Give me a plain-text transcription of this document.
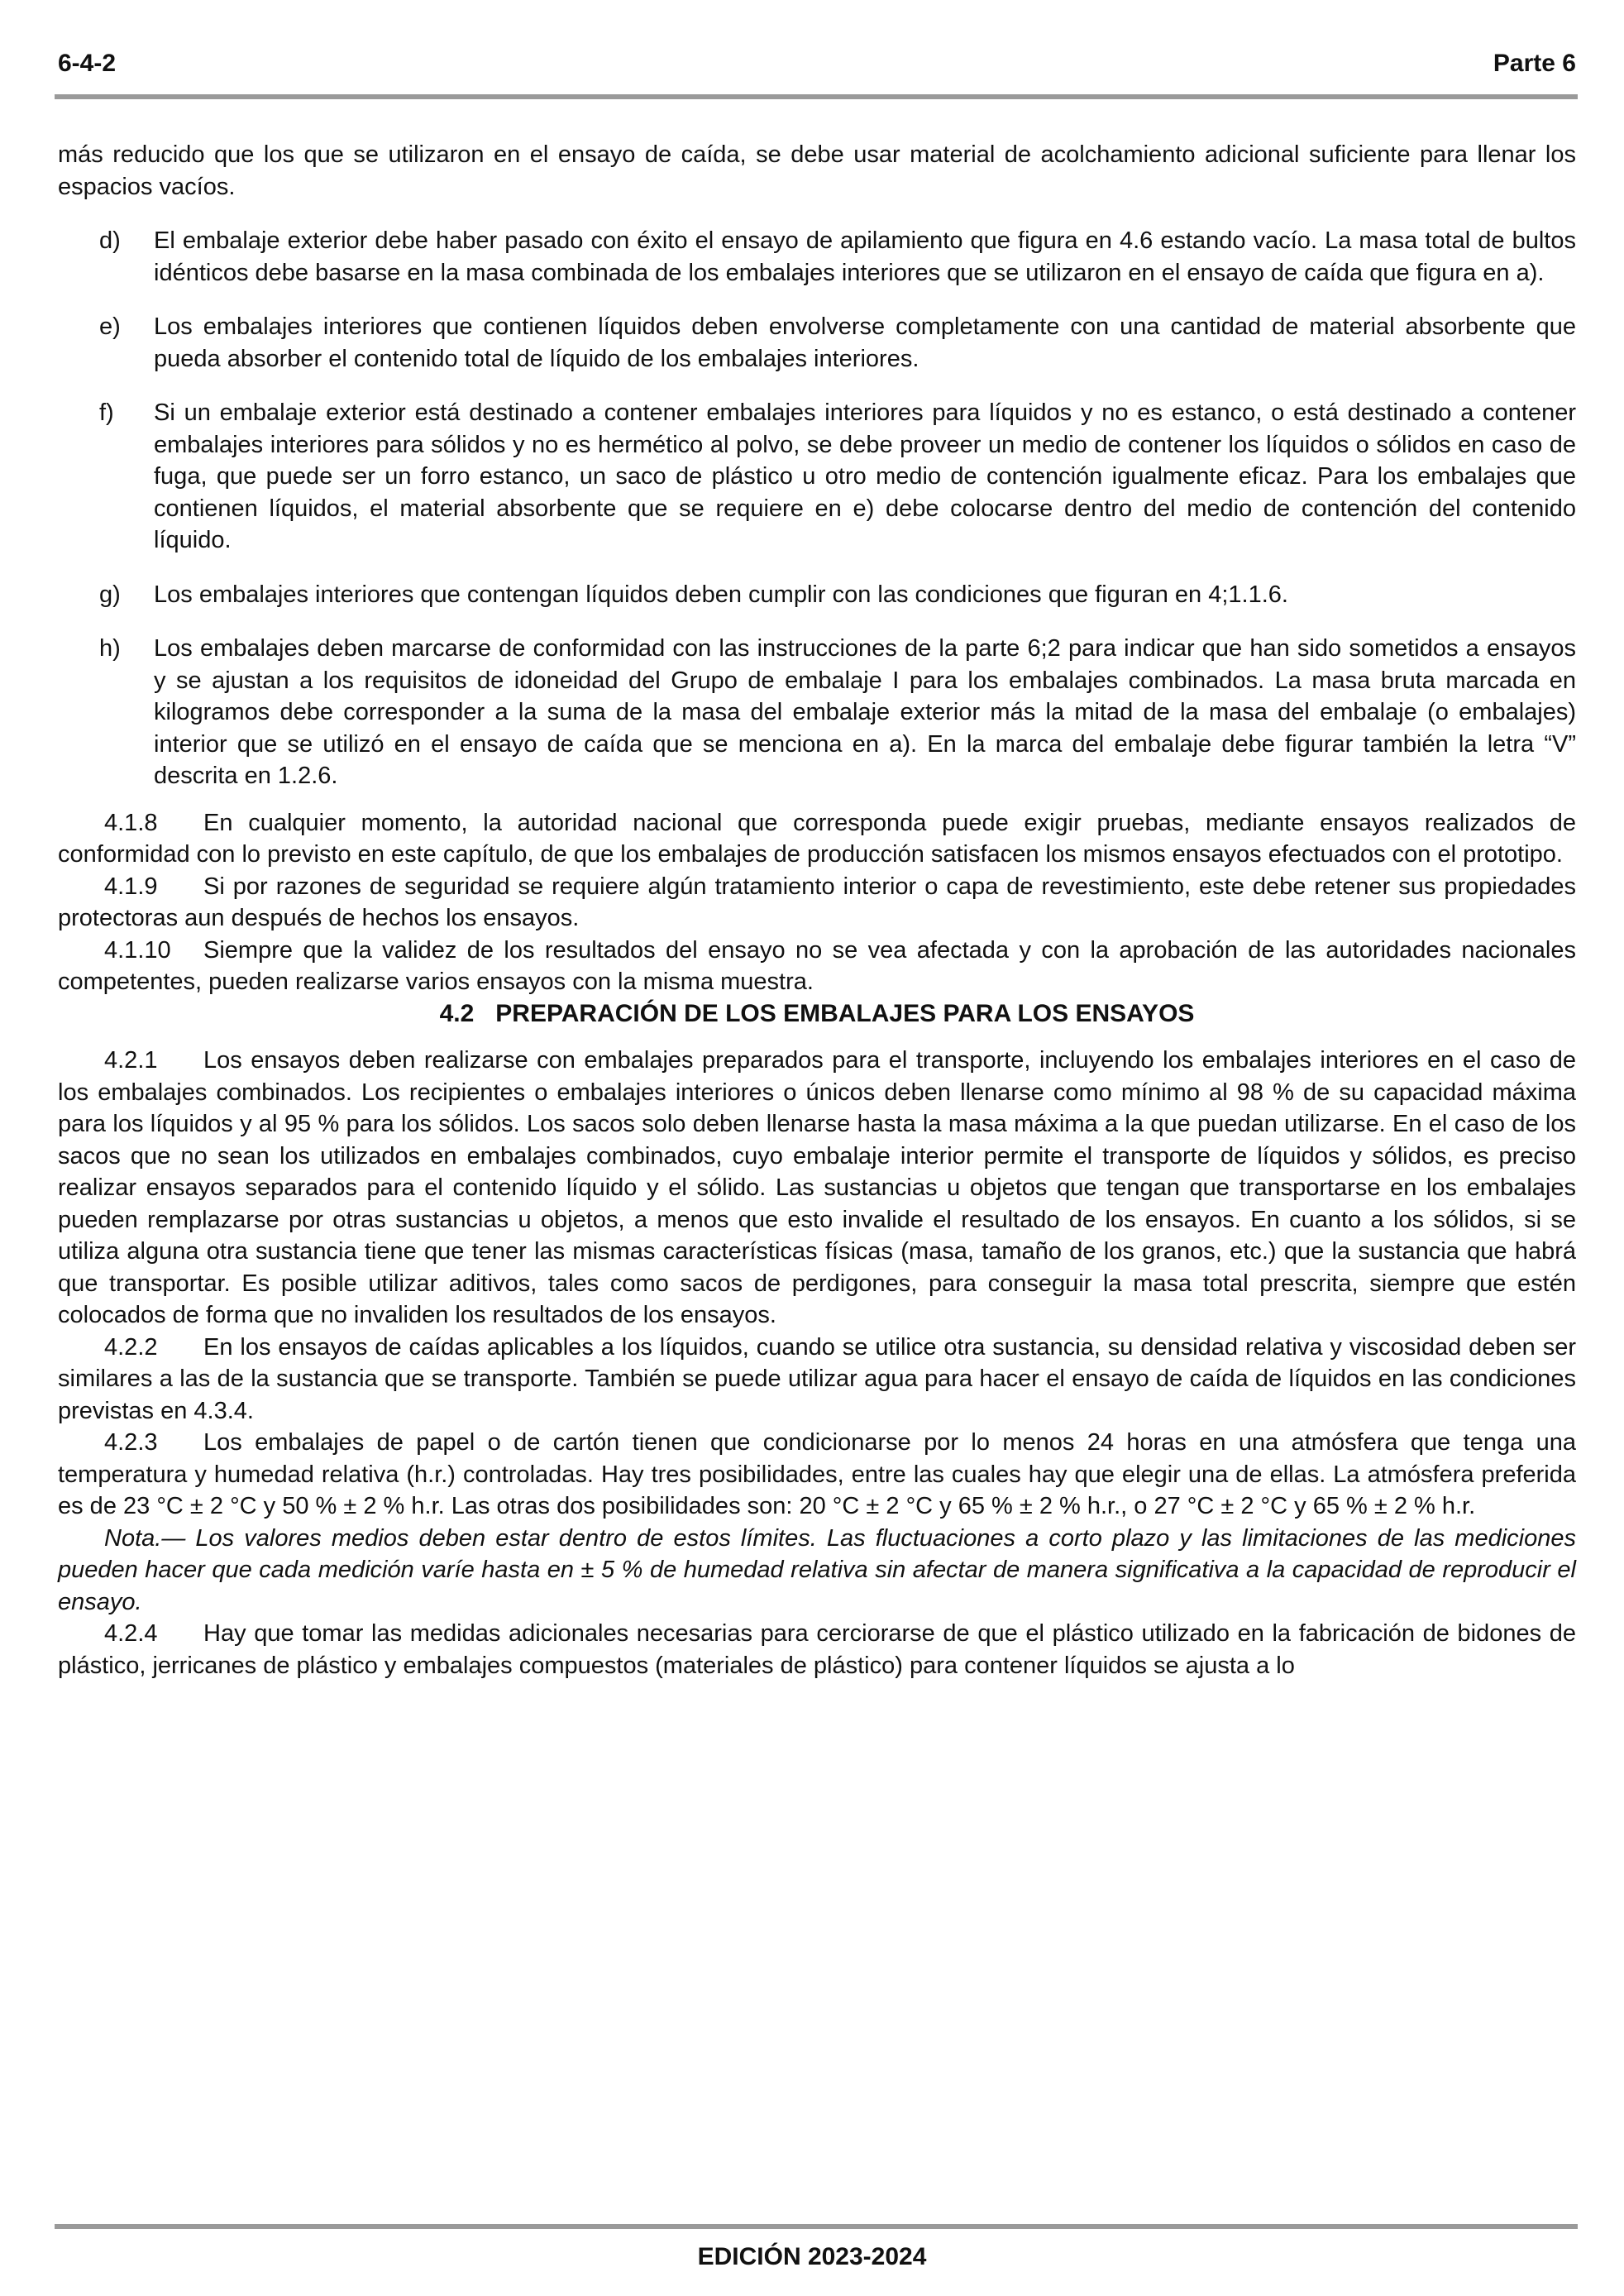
6-4-2	Parte 6

más reducido que los que se utilizaron en el ensayo de caída, se debe usar material de acolchamiento adicional suficiente para llenar los espacios vacíos.

d) El embalaje exterior debe haber pasado con éxito el ensayo de apilamiento que figura en 4.6 estando vacío. La masa total de bultos idénticos debe basarse en la masa combinada de los embalajes interiores que se utilizaron en el ensayo de caída que figura en a).

e) Los embalajes interiores que contienen líquidos deben envolverse completamente con una cantidad de material absorbente que pueda absorber el contenido total de líquido de los embalajes interiores.

f) Si un embalaje exterior está destinado a contener embalajes interiores para líquidos y no es estanco, o está destinado a contener embalajes interiores para sólidos y no es hermético al polvo, se debe proveer un medio de contener los líquidos o sólidos en caso de fuga, que puede ser un forro estanco, un saco de plástico u otro medio de contención igualmente eficaz. Para los embalajes que contienen líquidos, el material absorbente que se requiere en e) debe colocarse dentro del medio de contención del contenido líquido.

g) Los embalajes interiores que contengan líquidos deben cumplir con las condiciones que figuran en 4;1.1.6.

h) Los embalajes deben marcarse de conformidad con las instrucciones de la parte 6;2 para indicar que han sido sometidos a ensayos y se ajustan a los requisitos de idoneidad del Grupo de embalaje I para los embalajes combinados. La masa bruta marcada en kilogramos debe corresponder a la suma de la masa del embalaje exterior más la mitad de la masa del embalaje (o embalajes) interior que se utilizó en el ensayo de caída que se menciona en a). En la marca del embalaje debe figurar también la letra “V” descrita en 1.2.6.

4.1.8 En cualquier momento, la autoridad nacional que corresponda puede exigir pruebas, mediante ensayos realizados de conformidad con lo previsto en este capítulo, de que los embalajes de producción satisfacen los mismos ensayos efectuados con el prototipo.

4.1.9 Si por razones de seguridad se requiere algún tratamiento interior o capa de revestimiento, este debe retener sus propiedades protectoras aun después de hechos los ensayos.

4.1.10 Siempre que la validez de los resultados del ensayo no se vea afectada y con la aprobación de las autoridades nacionales competentes, pueden realizarse varios ensayos con la misma muestra.

4.2 PREPARACIÓN DE LOS EMBALAJES PARA LOS ENSAYOS

4.2.1 Los ensayos deben realizarse con embalajes preparados para el transporte, incluyendo los embalajes interiores en el caso de los embalajes combinados. Los recipientes o embalajes interiores o únicos deben llenarse como mínimo al 98 % de su capacidad máxima para los líquidos y al 95 % para los sólidos. Los sacos solo deben llenarse hasta la masa máxima a la que puedan utilizarse. En el caso de los sacos que no sean los utilizados en embalajes combinados, cuyo embalaje interior permite el transporte de líquidos y sólidos, es preciso realizar ensayos separados para el contenido líquido y el sólido. Las sustancias u objetos que tengan que transportarse en los embalajes pueden remplazarse por otras sustancias u objetos, a menos que esto invalide el resultado de los ensayos. En cuanto a los sólidos, si se utiliza alguna otra sustancia tiene que tener las mismas características físicas (masa, tamaño de los granos, etc.) que la sustancia que habrá que transportar. Es posible utilizar aditivos, tales como sacos de perdigones, para conseguir la masa total prescrita, siempre que estén colocados de forma que no invaliden los resultados de los ensayos.

4.2.2 En los ensayos de caídas aplicables a los líquidos, cuando se utilice otra sustancia, su densidad relativa y viscosidad deben ser similares a las de la sustancia que se transporte. También se puede utilizar agua para hacer el ensayo de caída de líquidos en las condiciones previstas en 4.3.4.

4.2.3 Los embalajes de papel o de cartón tienen que condicionarse por lo menos 24 horas en una atmósfera que tenga una temperatura y humedad relativa (h.r.) controladas. Hay tres posibilidades, entre las cuales hay que elegir una de ellas. La atmósfera preferida es de 23 °C ± 2 °C y 50 % ± 2 % h.r. Las otras dos posibilidades son: 20 °C ± 2 °C y 65 % ± 2 % h.r., o 27 °C ± 2 °C y 65 % ± 2 % h.r.

Nota.— Los valores medios deben estar dentro de estos límites. Las fluctuaciones a corto plazo y las limitaciones de las mediciones pueden hacer que cada medición varíe hasta en ± 5 % de humedad relativa sin afectar de manera significativa a la capacidad de reproducir el ensayo.

4.2.4 Hay que tomar las medidas adicionales necesarias para cerciorarse de que el plástico utilizado en la fabricación de bidones de plástico, jerricanes de plástico y embalajes compuestos (materiales de plástico) para contener líquidos se ajusta a lo

EDICIÓN 2023-2024
